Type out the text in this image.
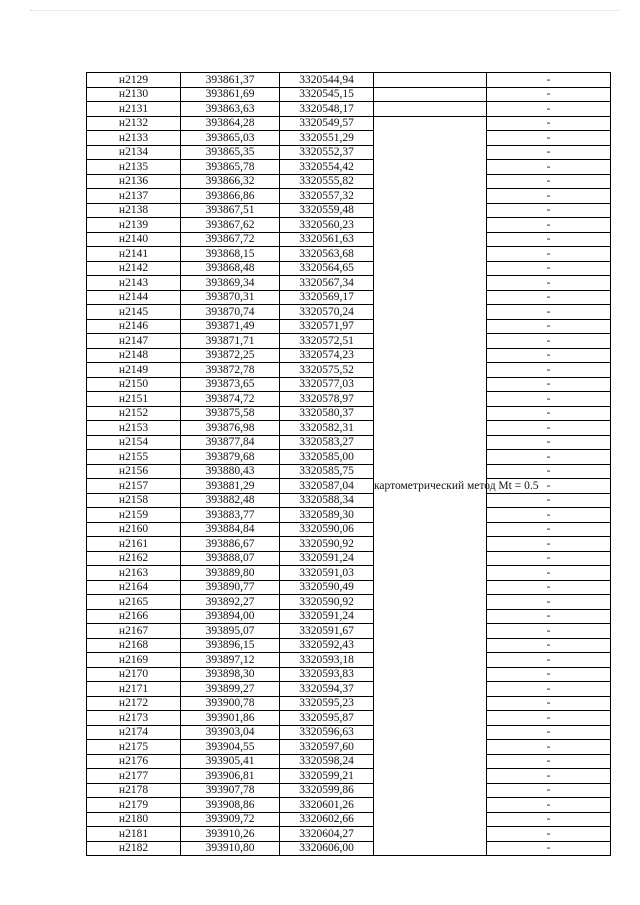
н2129	393861,37	3320544,94		-
н2130	393861,69	3320545,15		-
н2131	393863,63	3320548,17		-
н2132	393864,28	3320549,57	картометрический метод Mt = 0.5	-
н2133	393865,03	3320551,29		-
н2134	393865,35	3320552,37		-
н2135	393865,78	3320554,42		-
н2136	393866,32	3320555,82		-
н2137	393866,86	3320557,32		-
н2138	393867,51	3320559,48		-
н2139	393867,62	3320560,23		-
н2140	393867,72	3320561,63		-
н2141	393868,15	3320563,68		-
н2142	393868,48	3320564,65		-
н2143	393869,34	3320567,34		-
н2144	393870,31	3320569,17		-
н2145	393870,74	3320570,24		-
н2146	393871,49	3320571,97		-
н2147	393871,71	3320572,51		-
н2148	393872,25	3320574,23		-
н2149	393872,78	3320575,52		-
н2150	393873,65	3320577,03		-
н2151	393874,72	3320578,97		-
н2152	393875,58	3320580,37		-
н2153	393876,98	3320582,31		-
н2154	393877,84	3320583,27		-
н2155	393879,68	3320585,00		-
н2156	393880,43	3320585,75		-
н2157	393881,29	3320587,04		-
н2158	393882,48	3320588,34		-
н2159	393883,77	3320589,30		-
н2160	393884,84	3320590,06		-
н2161	393886,67	3320590,92		-
н2162	393888,07	3320591,24		-
н2163	393889,80	3320591,03		-
н2164	393890,77	3320590,49		-
н2165	393892,27	3320590,92		-
н2166	393894,00	3320591,24		-
н2167	393895,07	3320591,67		-
н2168	393896,15	3320592,43		-
н2169	393897,12	3320593,18		-
н2170	393898,30	3320593,83		-
н2171	393899,27	3320594,37		-
н2172	393900,78	3320595,23		-
н2173	393901,86	3320595,87		-
н2174	393903,04	3320596,63		-
н2175	393904,55	3320597,60		-
н2176	393905,41	3320598,24		-
н2177	393906,81	3320599,21		-
н2178	393907,78	3320599,86		-
н2179	393908,86	3320601,26		-
н2180	393909,72	3320602,66		-
н2181	393910,26	3320604,27		-
н2182	393910,80	3320606,00		-
